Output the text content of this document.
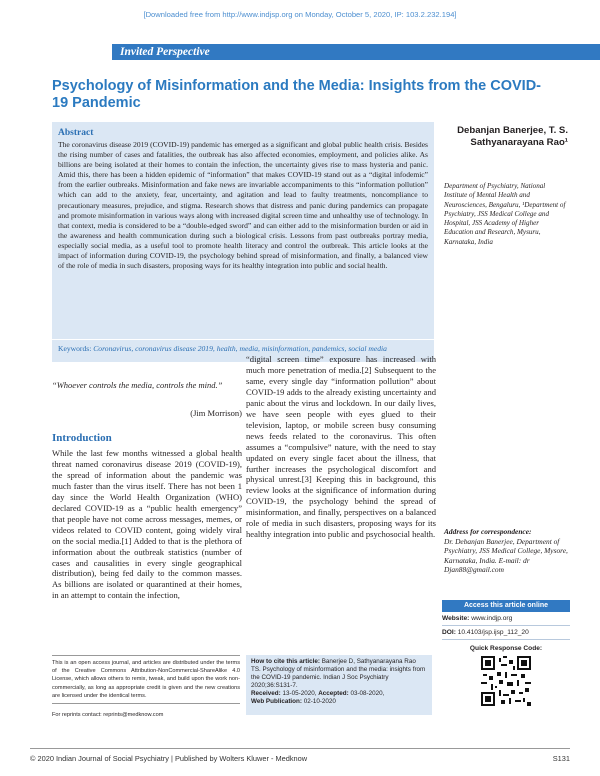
[Downloaded free from http://www.indjsp.org on Monday, October 5, 2020, IP: 103.2.232.194]
Invited Perspective
Psychology of Misinformation and the Media: Insights from the COVID-19 Pandemic
Abstract
The coronavirus disease 2019 (COVID-19) pandemic has emerged as a significant and global public health crisis. Besides the rising number of cases and fatalities, the outbreak has also affected economies, employment, and policies alike. As billions are being isolated at their homes to contain the infection, the uncertainty gives rise to mass hysteria and panic. Amid this, there has been a hidden epidemic of “information” that makes COVID-19 stand out as a “digital infodemic” from the earlier outbreaks. Misinformation and fake news are invariable accompaniments to this “information pollution” which can add to the anxiety, fear, uncertainty, and agitation and lead to faulty treatments, noncompliance to precautionary measures, prejudice, and stigma. Research shows that distress and panic during pandemics can propagate and promote misinformation in various ways along with increased digital screen time and unhealthy use of technology. In that context, media is considered to be a “double-edged sword” and can either add to the misinformation burden or aid in the awareness and health communication during such a biological crisis. Lessons from past outbreaks portray media, especially social media, as a useful tool to promote health literacy and control the outbreak. This article looks at the impact of information during COVID-19, the psychology behind spread of misinformation, and finally, a balanced view of the role of media in such disasters, proposing ways for its healthy integration into public and social health.
Keywords: Coronavirus, coronavirus disease 2019, health, media, misinformation, pandemics, social media
Debanjan Banerjee, T. S. Sathyanarayana Rao¹
Department of Psychiatry, National Institute of Mental Health and Neurosciences, Bengaluru, ¹Department of Psychiatry, JSS Medical College and Hospital, JSS Academy of Higher Education and Research, Mysuru, Karnataka, India
“Whoever controls the media, controls the mind.”
(Jim Morrison)
Introduction
While the last few months witnessed a global health threat named coronavirus disease 2019 (COVID-19), the spread of information about the pandemic was much faster than the virus itself. There has not been 1 day since the World Health Organization (WHO) declared COVID-19 as a “public health emergency” that people have not come across messages, memes, or videos related to COVID content, going widely viral on the social media.[1] Added to that is the plethora of information about the outbreak statistics (number of cases and causalities in every single geographical distribution), being fed daily to the common masses. As billions are isolated or quarantined at their homes, in an attempt to contain the infection,
“digital screen time” exposure has increased with much more penetration of media.[2] Subsequent to the same, every single day “information pollution” about COVID-19 adds to the already existing uncertainty and panic about the virus and lockdown. In our daily lives, we have seen people with eyes glued to their television, laptop, or mobile screen busy consuming news feeds related to the coronavirus. This often assumes a “compulsive” nature, with the need to stay updated on every single facet about the illness, that further increases the psychological discomfort and physical unrest.[3] Keeping this in background, this review looks at the significance of information during COVID-19, the psychology behind the spread of misinformation, and finally, perspectives on a balanced role of media in such disasters, proposing ways for its healthy integration into public and psychosocial health. Address for correspondence:
Dr. Debanjan Banerjee, Department of Psychiatry, JSS Medical College, Mysore, Karnataka, India. E-mail: dr Djan88@gmail.com
Access this article online
Website: www.indjp.org
DOI: 10.4103/jsp.ijsp_112_20
Quick Response Code:
This is an open access journal, and articles are distributed under the terms of the Creative Commons Attribution-NonCommercial-ShareAlike 4.0 License, which allows others to remix, tweak, and build upon the work non-commercially, as long as appropriate credit is given and the new creations are licensed under the identical terms.
For reprints contact: reprints@medknow.com
How to cite this article: Banerjee D, Sathyanarayana Rao TS. Psychology of misinformation and the media: insights from the COVID-19 pandemic. Indian J Soc Psychiatry 2020;36:S131-7.
Received: 13-05-2020, Accepted: 03-08-2020,
Web Publication: 02-10-2020
© 2020 Indian Journal of Social Psychiatry | Published by Wolters Kluwer - Medknow	S131
